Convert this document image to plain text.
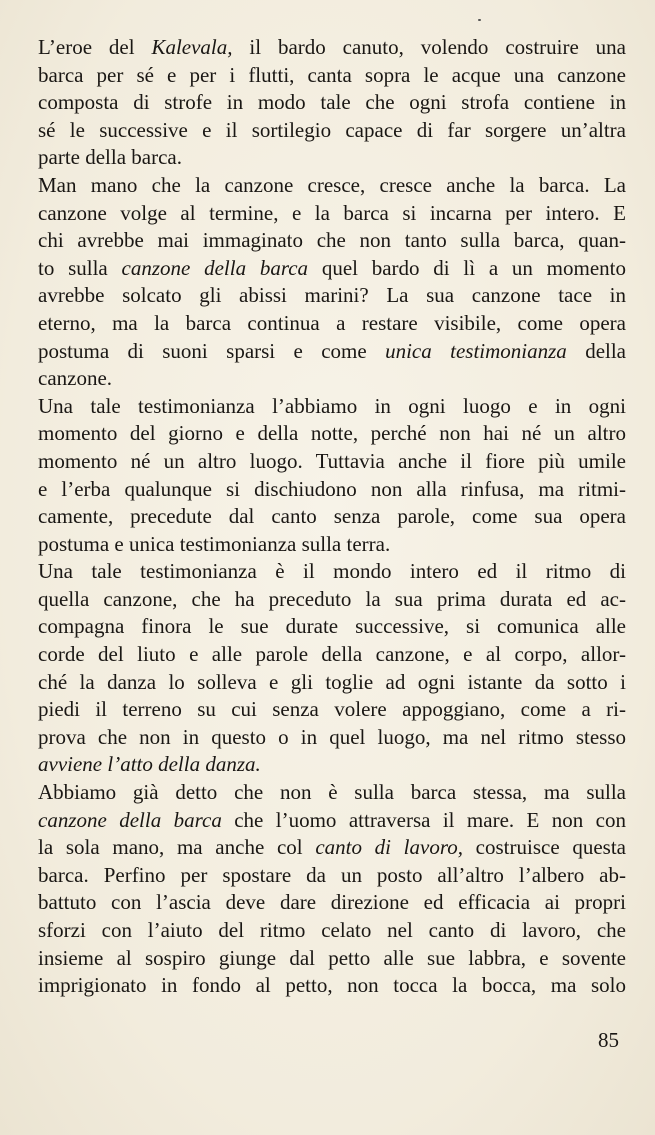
L’eroe del Kalevala, il bardo canuto, volendo costruire una
barca per sé e per i flutti, canta sopra le acque una canzone
composta di strofe in modo tale che ogni strofa contiene in
sé le successive e il sortilegio capace di far sorgere un’altra
parte della barca.
Man mano che la canzone cresce, cresce anche la barca. La
canzone volge al termine, e la barca si incarna per intero. E
chi avrebbe mai immaginato che non tanto sulla barca, quan-
to sulla canzone della barca quel bardo di lì a un momento
avrebbe solcato gli abissi marini? La sua canzone tace in
eterno, ma la barca continua a restare visibile, come opera
postuma di suoni sparsi e come unica testimonianza della
canzone.
Una tale testimonianza l’abbiamo in ogni luogo e in ogni
momento del giorno e della notte, perché non hai né un altro
momento né un altro luogo. Tuttavia anche il fiore più umile
e l’erba qualunque si dischiudono non alla rinfusa, ma ritmi-
camente, precedute dal canto senza parole, come sua opera
postuma e unica testimonianza sulla terra.
Una tale testimonianza è il mondo intero ed il ritmo di
quella canzone, che ha preceduto la sua prima durata ed ac-
compagna finora le sue durate successive, si comunica alle
corde del liuto e alle parole della canzone, e al corpo, allor-
ché la danza lo solleva e gli toglie ad ogni istante da sotto i
piedi il terreno su cui senza volere appoggiano, come a ri-
prova che non in questo o in quel luogo, ma nel ritmo stesso
avviene l’atto della danza.
Abbiamo già detto che non è sulla barca stessa, ma sulla
canzone della barca che l’uomo attraversa il mare. E non con
la sola mano, ma anche col canto di lavoro, costruisce questa
barca. Perfino per spostare da un posto all’altro l’albero ab-
battuto con l’ascia deve dare direzione ed efficacia ai propri
sforzi con l’aiuto del ritmo celato nel canto di lavoro, che
insieme al sospiro giunge dal petto alle sue labbra, e sovente
imprigionato in fondo al petto, non tocca la bocca, ma solo
85
